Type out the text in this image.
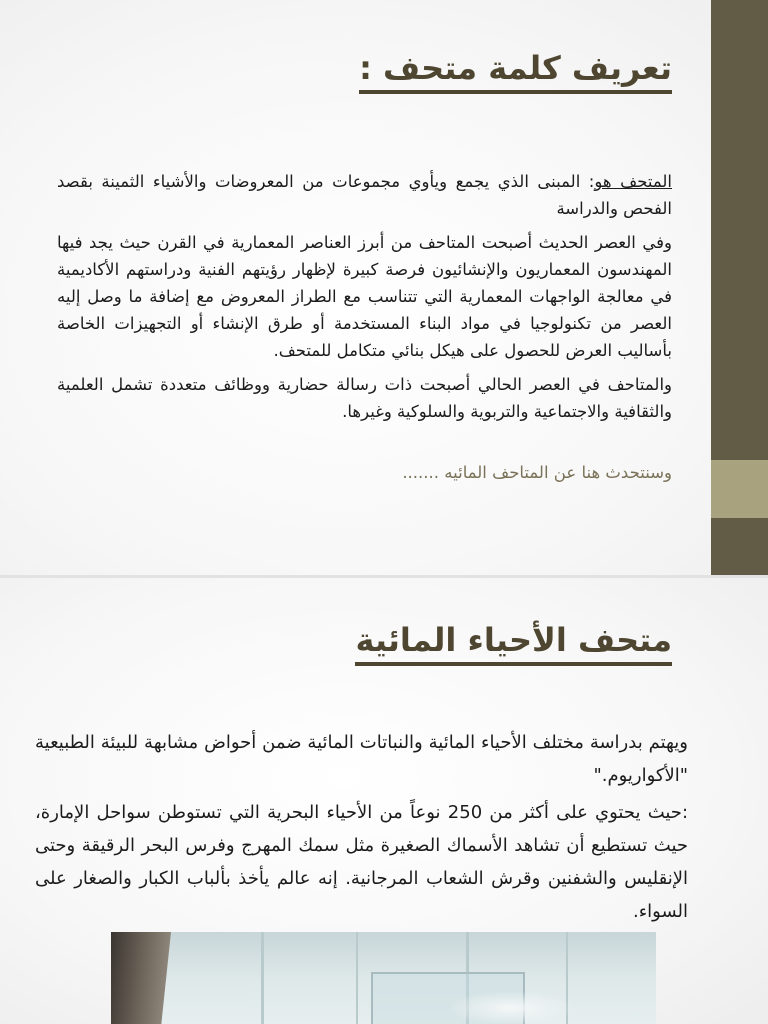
تعريف كلمة متحف :

المتحف هو: المبنى الذي يجمع ويأوي مجموعات من المعروضات والأشياء الثمينة بقصد الفحص والدراسة

وفي العصر الحديث أصبحت المتاحف من أبرز العناصر المعمارية في القرن حيث يجد فيها المهندسون المعماريون والإنشائيون فرصة كبيرة لإظهار رؤيتهم الفنية ودراستهم الأكاديمية في معالجة الواجهات المعمارية التي تتناسب مع الطراز المعروض مع إضافة ما وصل إليه العصر من تكنولوجيا في مواد البناء المستخدمة أو طرق الإنشاء أو التجهيزات الخاصة بأساليب العرض للحصول على هيكل بنائي متكامل للمتحف.

والمتاحف في العصر الحالي أصبحت ذات رسالة حضارية ووظائف متعددة تشمل العلمية والثقافية والاجتماعية والتربوية والسلوكية وغيرها.

وسنتحدث هنا عن المتاحف المائيه .......

متحف الأحياء المائية

ويهتم بدراسة مختلف الأحياء المائية والنباتات المائية ضمن أحواض مشابهة للبيئة الطبيعية "الأكواريوم."

:حيث يحتوي على أكثر من 250 نوعاً من الأحياء البحرية التي تستوطن سواحل الإمارة، حيث تستطيع أن تشاهد الأسماك الصغيرة مثل سمك المهرج وفرس البحر الرقيقة وحتى الإنقليس والشفنين وقرش الشعاب المرجانية. إنه عالم يأخذ بألباب الكبار والصغار على السواء.
